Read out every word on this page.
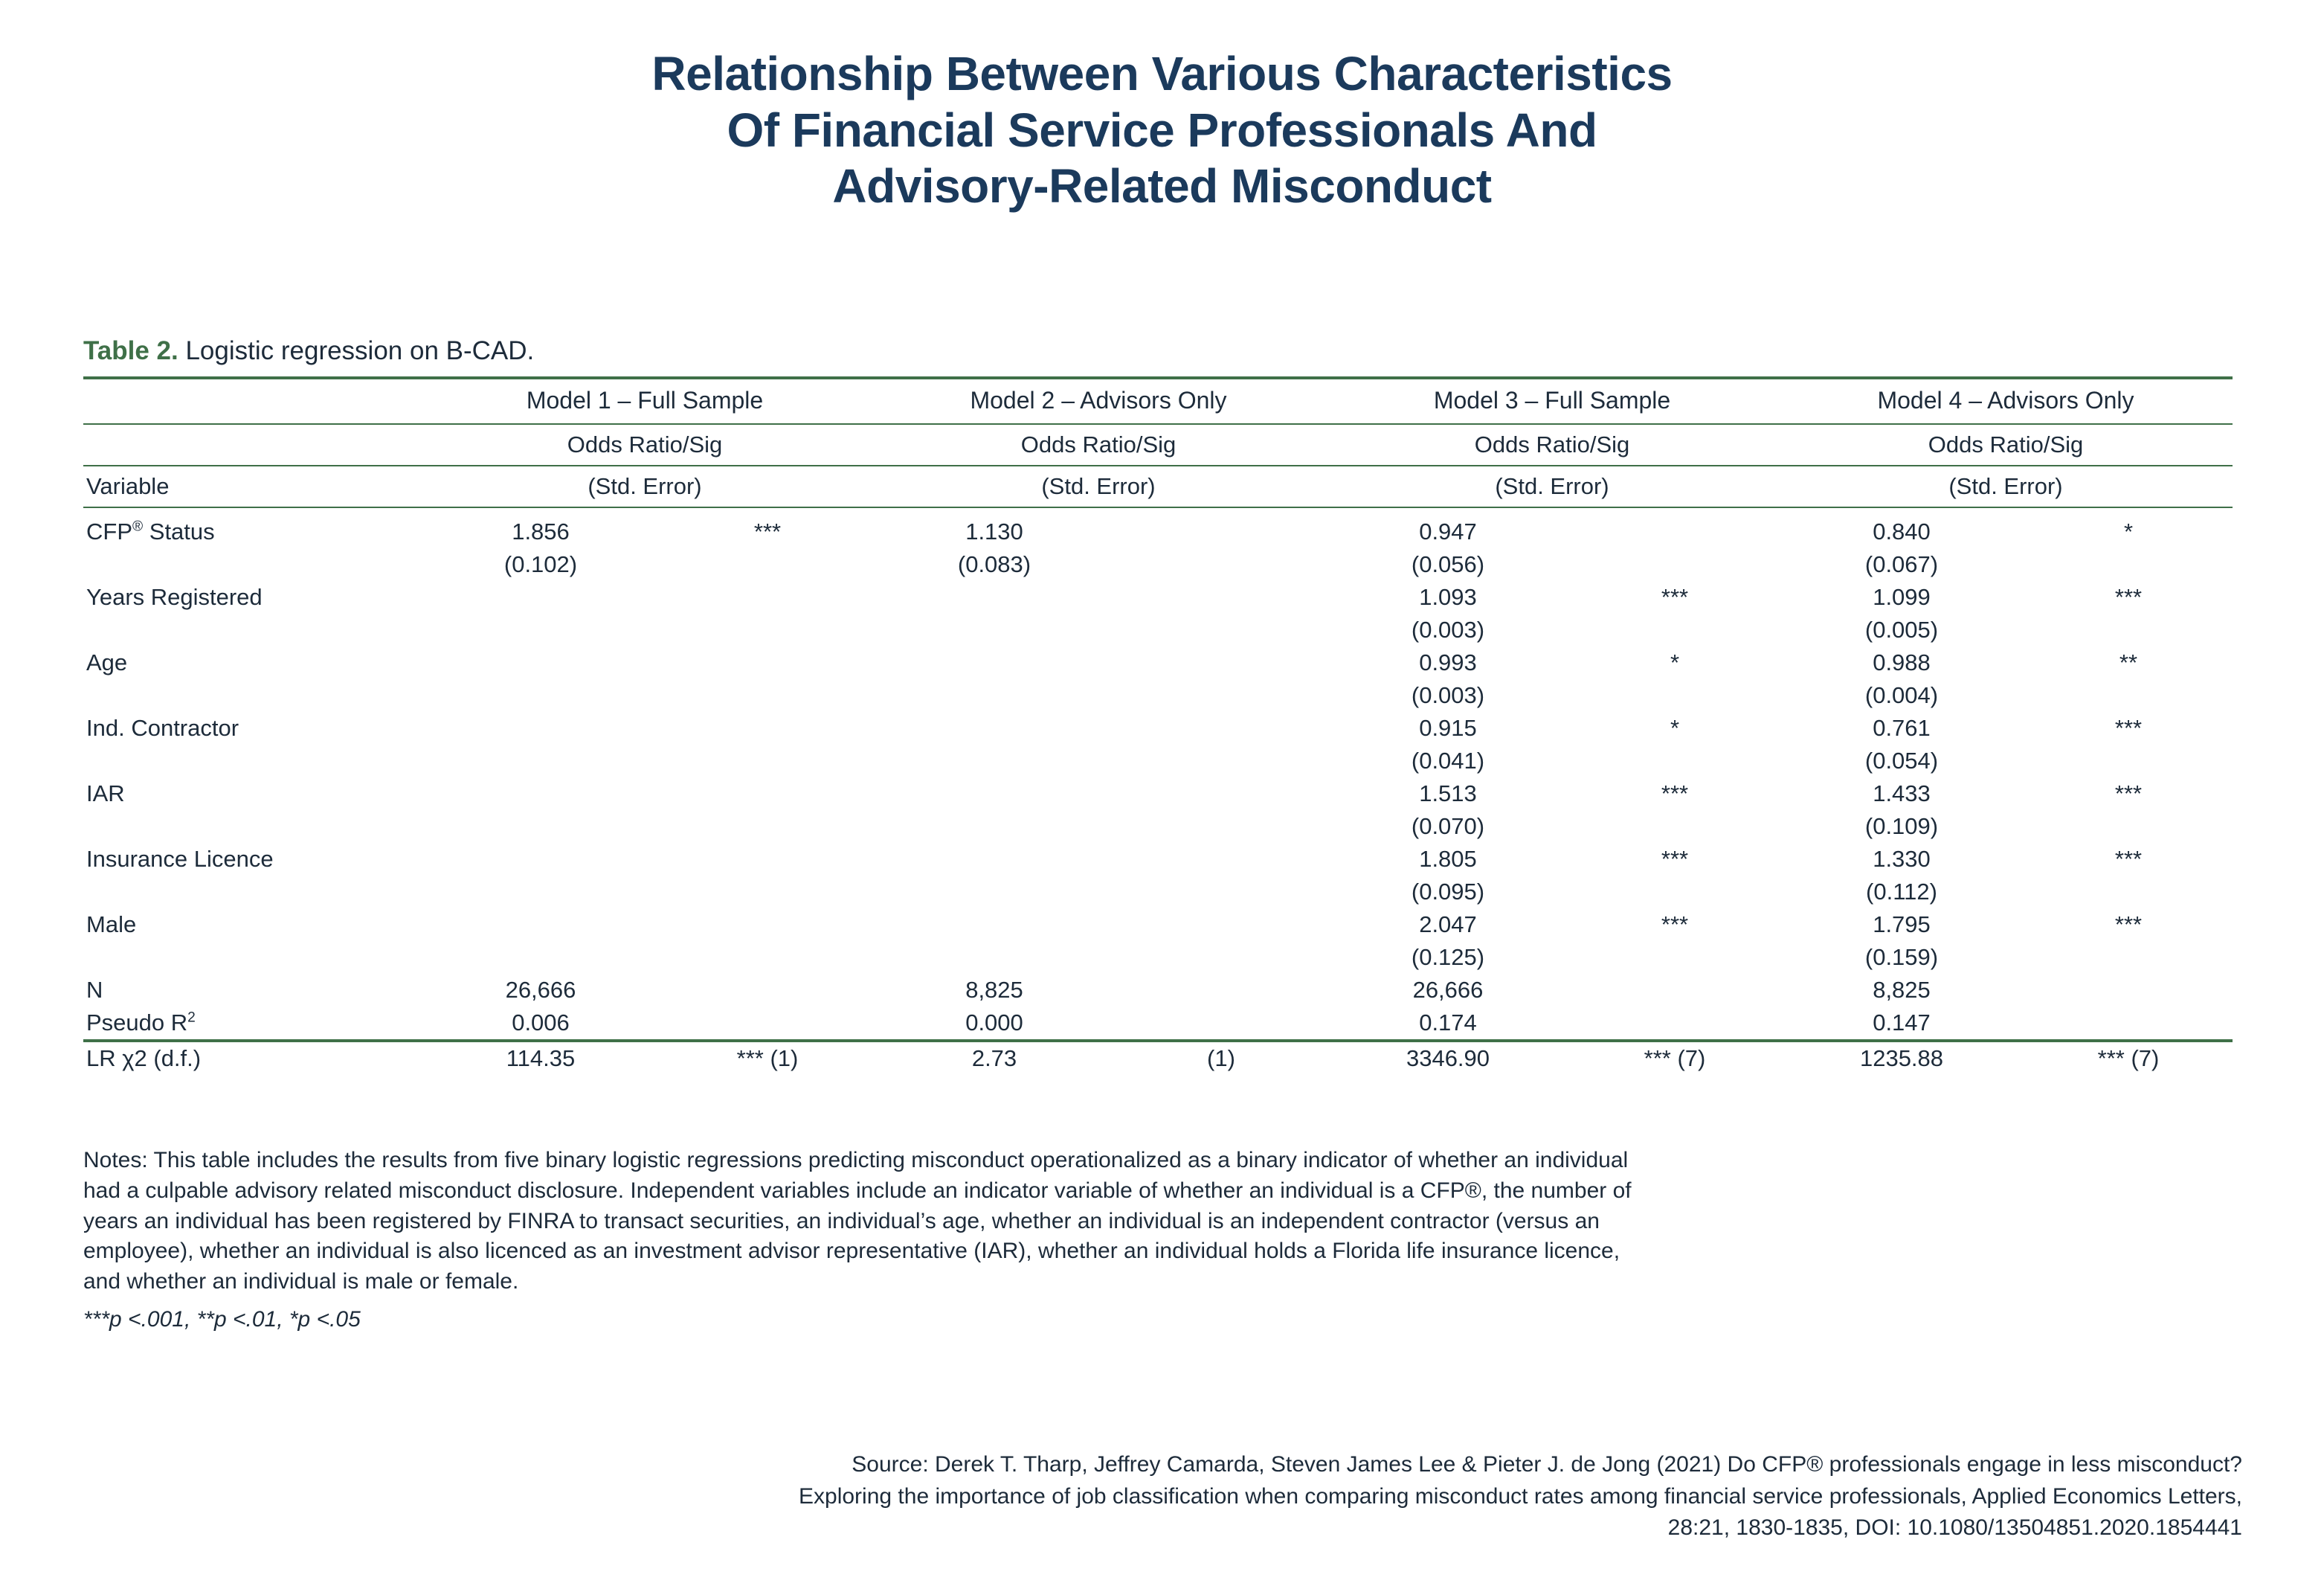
Relationship Between Various Characteristics
Of Financial Service Professionals And
Advisory-Related Misconduct
Table 2. Logistic regression on B-CAD.
	Model 1 – Full Sample		Model 2 – Advisors Only		Model 3 – Full Sample		Model 4 – Advisors Only	
	Odds Ratio/Sig		Odds Ratio/Sig		Odds Ratio/Sig		Odds Ratio/Sig	
Variable	(Std. Error)		(Std. Error)		(Std. Error)		(Std. Error)	
CFP® Status	1.856	***	1.130		0.947		0.840	*
	(0.102)		(0.083)		(0.056)		(0.067)	
Years Registered					1.093	***	1.099	***
					(0.003)		(0.005)	
Age					0.993	*	0.988	**
					(0.003)		(0.004)	
Ind. Contractor					0.915	*	0.761	***
					(0.041)		(0.054)	
IAR					1.513	***	1.433	***
					(0.070)		(0.109)	
Insurance Licence					1.805	***	1.330	***
					(0.095)		(0.112)	
Male					2.047	***	1.795	***
					(0.125)		(0.159)	
N	26,666		8,825		26,666		8,825	
Pseudo $R^2$	0.006		0.000		0.174		0.147	
LR χ2 (d.f.)	114.35	*** (1)	2.73	(1)	3346.90	*** (7)	1235.88	*** (7)

Notes: This table includes the results from five binary logistic regressions predicting misconduct operationalized as a binary indicator of whether an individual

had a culpable advisory related misconduct disclosure. Independent variables include an indicator variable of whether an individual is a CFP®, the number of

years an individual has been registered by FINRA to transact securities, an individual’s age, whether an individual is an independent contractor (versus an

employee), whether an individual is also licenced as an investment advisor representative (IAR), whether an individual holds a Florida life insurance licence,

and whether an individual is male or female.

***p <.001, **p <.01, *p <.05

Source: Derek T. Tharp, Jeffrey Camarda, Steven James Lee & Pieter J. de Jong (2021) Do CFP® professionals engage in less misconduct?
Exploring the importance of job classification when comparing misconduct rates among financial service professionals, Applied Economics Letters,
28:21, 1830-1835, DOI: 10.1080/13504851.2020.1854441
